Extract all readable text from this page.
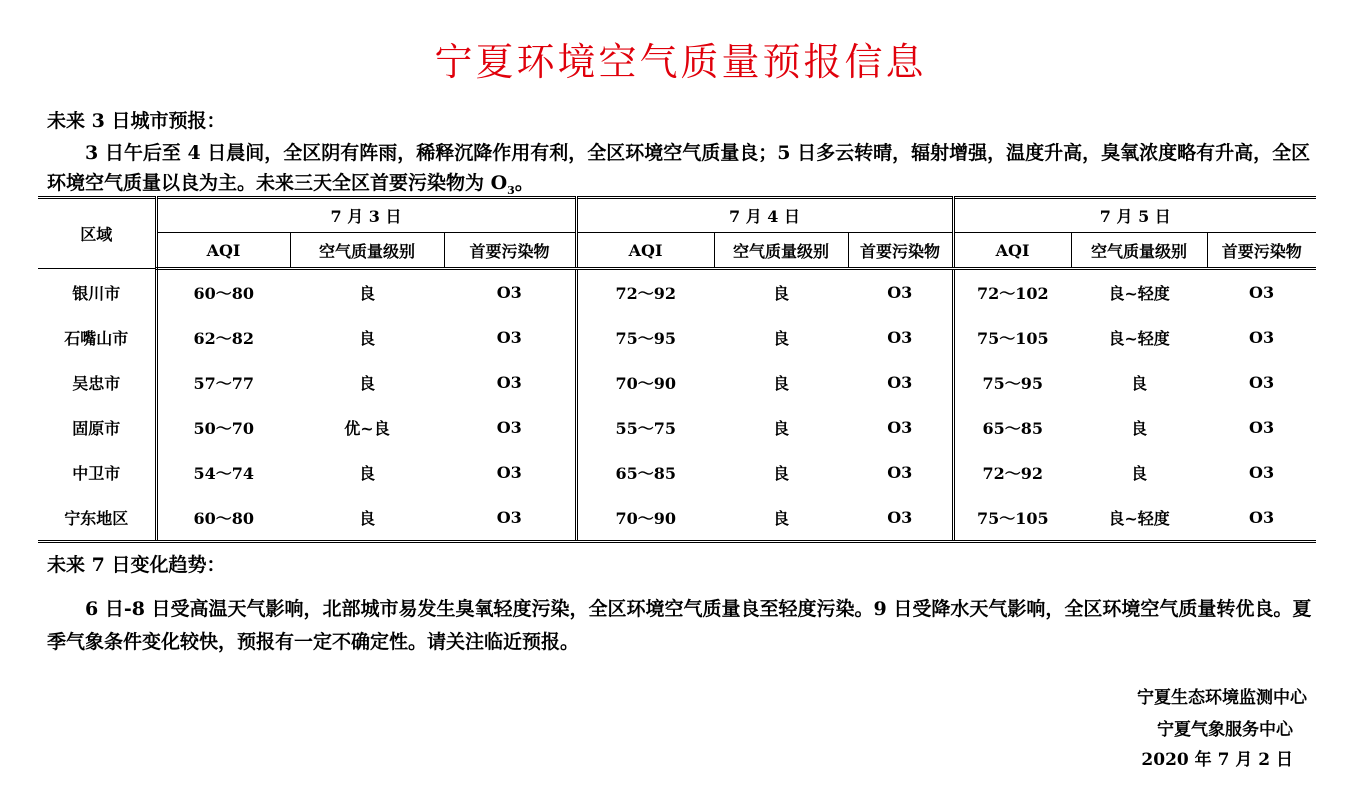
宁夏环境空气质量预报信息
未来 3 日城市预报：
3 日午后至 4 日晨间，全区阴有阵雨，稀释沉降作用有利，全区环境空气质量良；5 日多云转晴，辐射增强，温度升高，臭氧浓度略有升高，全区环境空气质量以良为主。未来三天全区首要污染物为 $O_3$。
区域	7 月 3 日			7 月 4 日			7 月 5 日		
	AQI	空气质量级别	首要污染物	AQI	空气质量级别	首要污染物	AQI	空气质量级别	首要污染物
银川市	60～80	良	O3	72～92	良	O3	72～102	良~轻度	O3
石嘴山市	62～82	良	O3	75～95	良	O3	75～105	良~轻度	O3
吴忠市	57～77	良	O3	70～90	良	O3	75～95	良	O3
固原市	50～70	优~良	O3	55～75	良	O3	65～85	良	O3
中卫市	54～74	良	O3	65～85	良	O3	72～92	良	O3
宁东地区	60～80	良	O3	70～90	良	O3	75～105	良~轻度	O3
未来 7 日变化趋势：
6 日-8 日受高温天气影响，北部城市易发生臭氧轻度污染，全区环境空气质量良至轻度污染。9 日受降水天气影响，全区环境空气质量转优良。夏季气象条件变化较快，预报有一定不确定性。请关注临近预报。
宁夏生态环境监测中心
宁夏气象服务中心
2020 年 7 月 2 日
